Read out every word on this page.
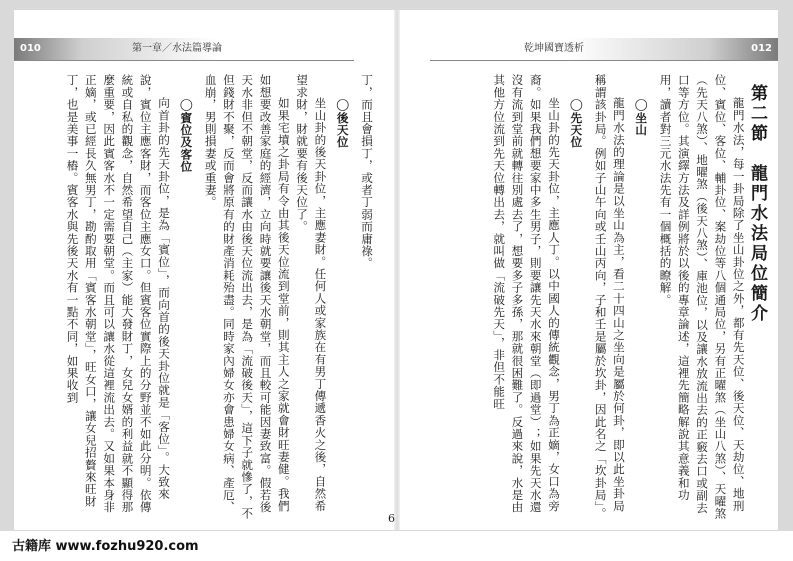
010	第一章／水法篇導論

丁，而且會損丁，或者丁弱而庸祿。

◯後天位

坐山卦的後天卦位，主應妻財。任何人或家族在有男丁傳遞香火之後，自然希望求財，財就要有後天位了。

如果宅墳之卦局有令由其後天位流到堂前，則其主人之家就會財旺妻健。我們如想要改善家庭的經濟，立向時就要讓後天水朝堂，而且較可能因妻致富。假若後天水非但不朝堂，反而讓水由後天位流出去，是為「流破後天」，這下子就慘了，不但錢財不聚，反而會將原有的財產消耗殆盡。同時家內婦女亦會患婦女病、產厄、血崩，男則損妻或重妻。

◯賓位及客位

向首卦的先天卦位，是為「賓位」，而向首的後天卦位就是「客位」。大致來說，賓位主應客財，而客位主應女口。但賓客位實際上的分野並不如此分明。依傳統或自私的觀念，自然希望自己（主家）能大發財丁，女兒女婿的利益就不顯得那麼重要，因此賓客水不一定需要朝堂。而且可以讓水從這裡流出去。又如果本身非正嫡，或已經長久無男丁，勘酌取用「賓客水朝堂」，旺女口，讓女兒招贅來旺財丁，也是美事一樁。賓客水與先後天水有一點不同，如果收到

乾坤國寶透析	012
第二節　龍門水法局位簡介

龍門水法，每一卦局除了坐山卦位之外，都有先天位、後天位、天劫位、地刑位、賓位、客位、輔卦位、案劫位等八個通局位，另有正曜煞（坐山八煞）、天曜煞（先天八煞）、地曜煞（後天八煞）、庫池位，以及讓水放流出去的正竅去口或副去口等方位。其演繹方法及詳例將於以後的專章論述，這裡先簡略解說其意義和功用，讀者對三元水法先有一個概括的瞭解。

◯坐山

龍門水法的理論是以坐山為主，看二十四山之坐向是屬於何卦，即以此坐卦局稱謂該卦局。例如子山午向或壬山丙向，子和壬是屬於坎卦，因此名之「坎卦局」。

◯先天位

坐山卦的先天卦位，主應人丁。以中國人的傳統觀念，男丁為正嫡，女口為旁裔。如果我們想要家中多生男子，則要讓先天水來朝堂（即過堂）；如果先天水還沒有流到堂前就轉往別處去了，想要多子多孫，那就很困難了。反過來說，水是由其他方位流到先天位轉出去，就叫做「流破先天」，非但不能旺

6
古籍库 www.fozhu920.com
